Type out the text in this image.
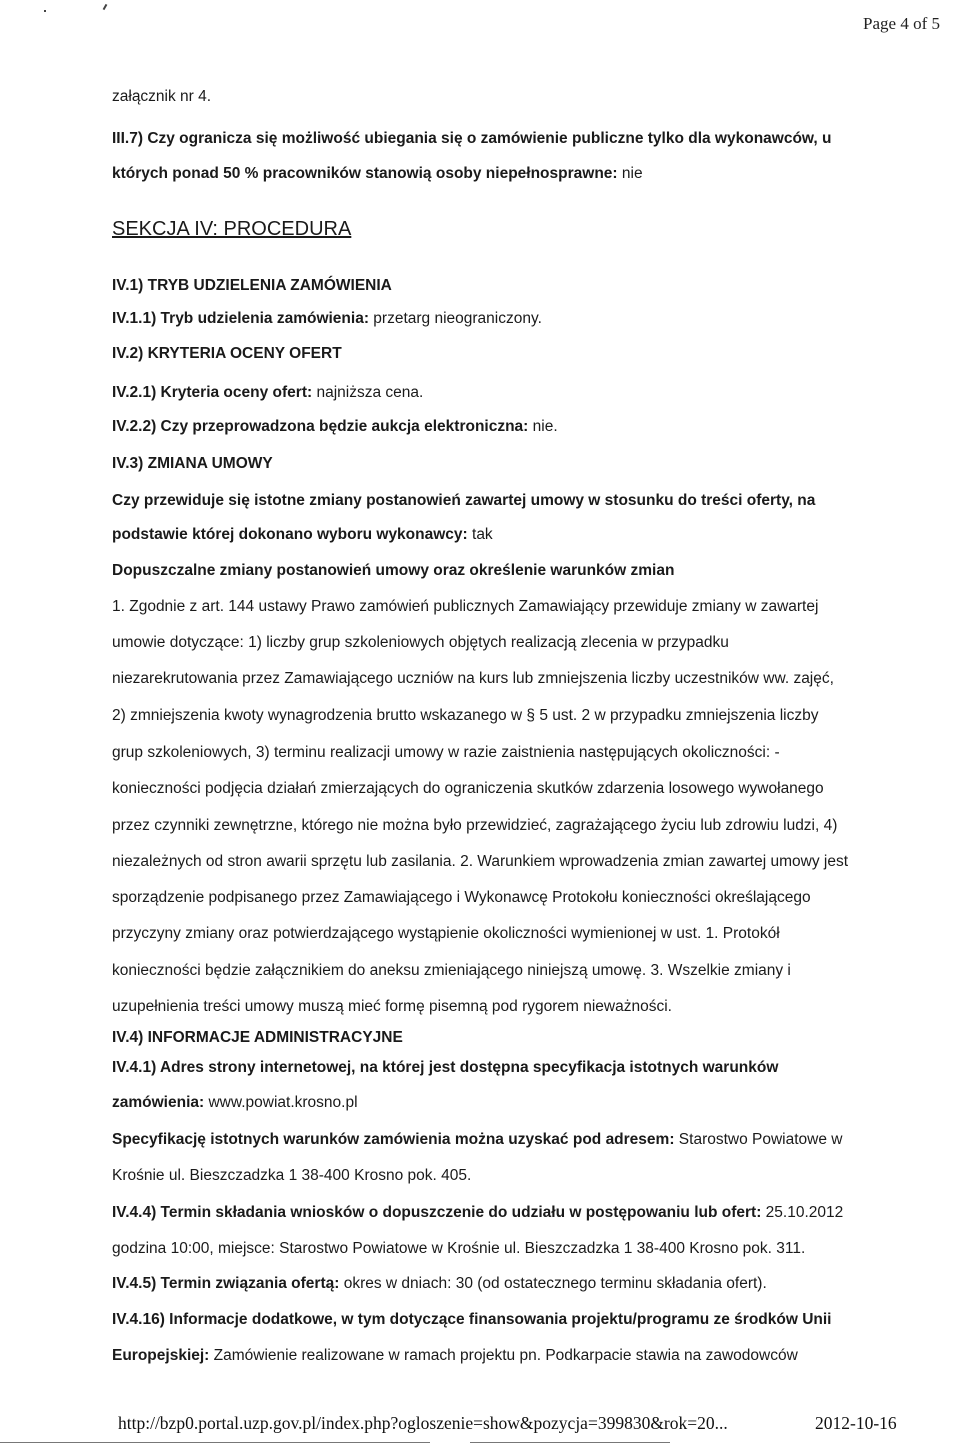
Page 4 of 5
załącznik nr 4.
III.7) Czy ogranicza się możliwość ubiegania się o zamówienie publiczne tylko dla wykonawców, u
których ponad 50 % pracowników stanowią osoby niepełnosprawne: nie
SEKCJA IV: PROCEDURA
IV.1) TRYB UDZIELENIA ZAMÓWIENIA
IV.1.1) Tryb udzielenia zamówienia: przetarg nieograniczony.
IV.2) KRYTERIA OCENY OFERT
IV.2.1) Kryteria oceny ofert: najniższa cena.
IV.2.2) Czy przeprowadzona będzie aukcja elektroniczna: nie.
IV.3) ZMIANA UMOWY
Czy przewiduje się istotne zmiany postanowień zawartej umowy w stosunku do treści oferty, na
podstawie której dokonano wyboru wykonawcy: tak
Dopuszczalne zmiany postanowień umowy oraz określenie warunków zmian
1. Zgodnie z art. 144 ustawy Prawo zamówień publicznych Zamawiający przewiduje zmiany w zawartej
umowie dotyczące: 1) liczby grup szkoleniowych objętych realizacją zlecenia w przypadku
niezarekrutowania przez Zamawiającego uczniów na kurs lub zmniejszenia liczby uczestników ww. zajęć,
2) zmniejszenia kwoty wynagrodzenia brutto wskazanego w § 5 ust. 2 w przypadku zmniejszenia liczby
grup szkoleniowych, 3) terminu realizacji umowy w razie zaistnienia następujących okoliczności: -
konieczności podjęcia działań zmierzających do ograniczenia skutków zdarzenia losowego wywołanego
przez czynniki zewnętrzne, którego nie można było przewidzieć, zagrażającego życiu lub zdrowiu ludzi, 4)
niezależnych od stron awarii sprzętu lub zasilania. 2. Warunkiem wprowadzenia zmian zawartej umowy jest
sporządzenie podpisanego przez Zamawiającego i Wykonawcę Protokołu konieczności określającego
przyczyny zmiany oraz potwierdzającego wystąpienie okoliczności wymienionej w ust. 1. Protokół
konieczności będzie załącznikiem do aneksu zmieniającego niniejszą umowę. 3. Wszelkie zmiany i
uzupełnienia treści umowy muszą mieć formę pisemną pod rygorem nieważności.
IV.4) INFORMACJE ADMINISTRACYJNE
IV.4.1) Adres strony internetowej, na której jest dostępna specyfikacja istotnych warunków
zamówienia: www.powiat.krosno.pl
Specyfikację istotnych warunków zamówienia można uzyskać pod adresem: Starostwo Powiatowe w
Krośnie ul. Bieszczadzka 1 38-400 Krosno pok. 405.
IV.4.4) Termin składania wniosków o dopuszczenie do udziału w postępowaniu lub ofert: 25.10.2012
godzina 10:00, miejsce: Starostwo Powiatowe w Krośnie ul. Bieszczadzka 1 38-400 Krosno pok. 311.
IV.4.5) Termin związania ofertą: okres w dniach: 30 (od ostatecznego terminu składania ofert).
IV.4.16) Informacje dodatkowe, w tym dotyczące finansowania projektu/programu ze środków Unii
Europejskiej: Zamówienie realizowane w ramach projektu pn. Podkarpacie stawia na zawodowców
http://bzp0.portal.uzp.gov.pl/index.php?ogloszenie=show&pozycja=399830&rok=20...	2012-10-16
